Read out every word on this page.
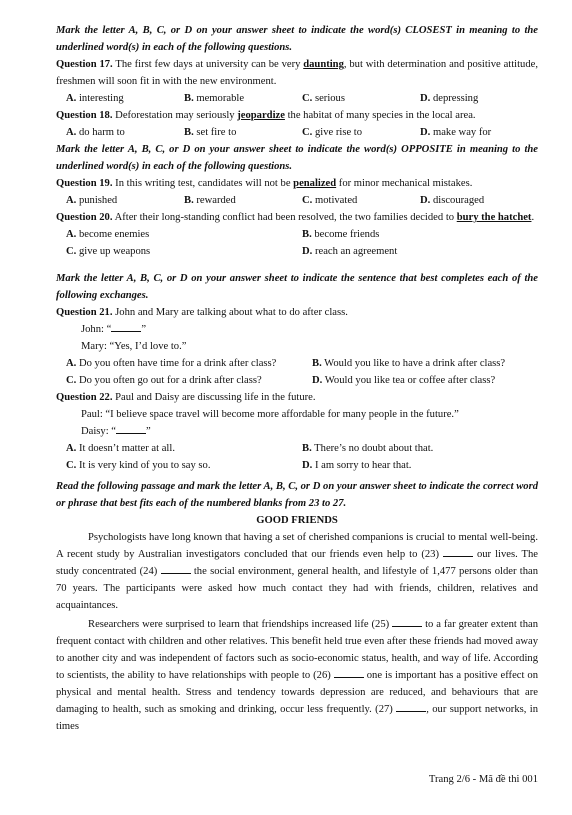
Mark the letter A, B, C, or D on your answer sheet to indicate the word(s) CLOSEST in meaning to the underlined word(s) in each of the following questions.
Question 17. The first few days at university can be very daunting, but with determination and positive attitude, freshmen will soon fit in with the new environment.
A. interesting	B. memorable	C. serious	D. depressing
Question 18. Deforestation may seriously jeopardize the habitat of many species in the local area.
A. do harm to	B. set fire to	C. give rise to	D. make way for
Mark the letter A, B, C, or D on your answer sheet to indicate the word(s) OPPOSITE in meaning to the underlined word(s) in each of the following questions.
Question 19. In this writing test, candidates will not be penalized for minor mechanical mistakes.
A. punished	B. rewarded	C. motivated	D. discouraged
Question 20. After their long-standing conflict had been resolved, the two families decided to bury the hatchet.
A. become enemies	B. become friends
C. give up weapons	D. reach an agreement
Mark the letter A, B, C, or D on your answer sheet to indicate the sentence that best completes each of the following exchanges.
Question 21. John and Mary are talking about what to do after class.
John: “	”
Mary: “Yes, I’d love to.”
A. Do you often have time for a drink after class?	B. Would you like to have a drink after class?
C. Do you often go out for a drink after class?	D. Would you like tea or coffee after class?
Question 22. Paul and Daisy are discussing life in the future.
Paul: “I believe space travel will become more affordable for many people in the future.”
Daisy: “	”
A. It doesn’t matter at all.	B. There’s no doubt about that.
C. It is very kind of you to say so.	D. I am sorry to hear that.
Read the following passage and mark the letter A, B, C, or D on your answer sheet to indicate the correct word or phrase that best fits each of the numbered blanks from 23 to 27.
GOOD FRIENDS
Psychologists have long known that having a set of cherished companions is crucial to mental well-being. A recent study by Australian investigators concluded that our friends even help to (23)	our lives. The study concentrated (24)	the social environment, general health, and lifestyle of 1,477 persons older than 70 years. The participants were asked how much contact they had with friends, children, relatives and acquaintances.
Researchers were surprised to learn that friendships increased life (25)	to a far greater extent than frequent contact with children and other relatives. This benefit held true even after these friends had moved away to another city and was independent of factors such as socio-economic status, health, and way of life. According to scientists, the ability to have relationships with people to (26)	one is important has a positive effect on physical and mental health. Stress and tendency towards depression are reduced, and behaviours that are damaging to health, such as smoking and drinking, occur less frequently. (27)	, our support networks, in times
Trang 2/6 - Mã đề thi 001
